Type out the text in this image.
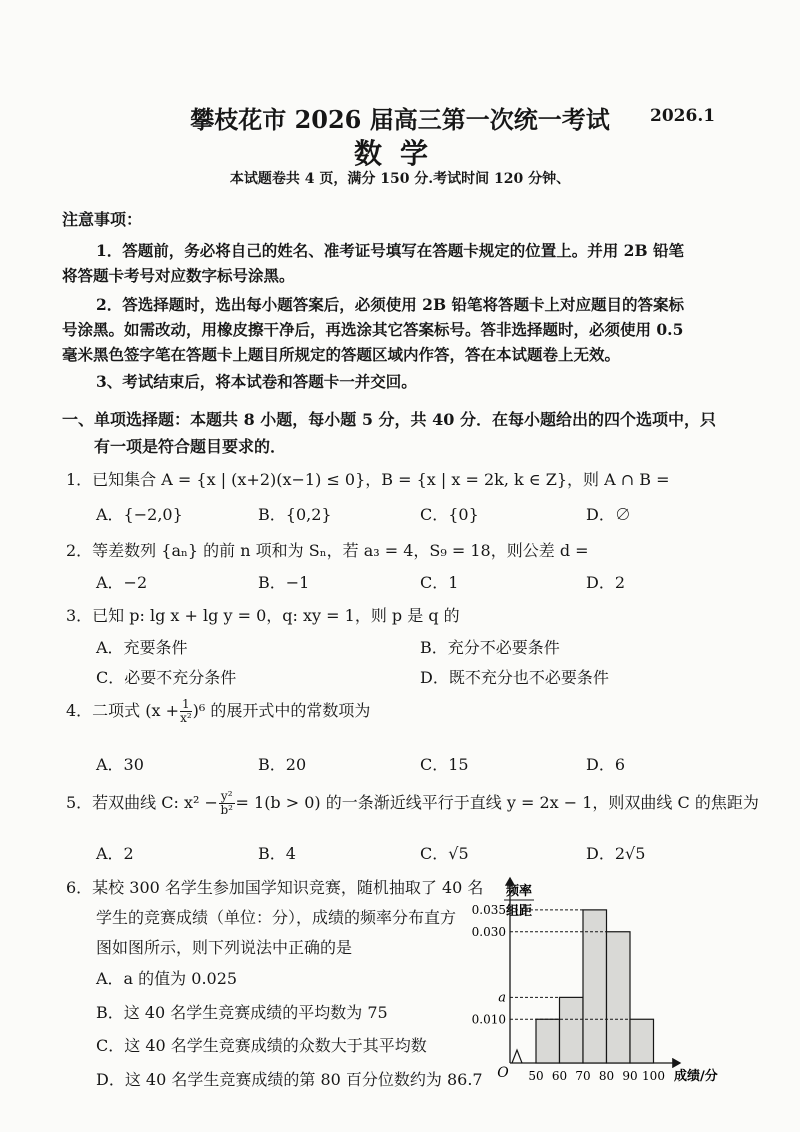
攀枝花市 2026 届高三第一次统一考试	2026.1
数学
本试题卷共 4 页，满分 150 分.考试时间 120 分钟、
注意事项：
1．答题前，务必将自己的姓名、准考证号填写在答题卡规定的位置上。并用 2B 铅笔
将答题卡考号对应数字标号涂黑。
2．答选择题时，选出每小题答案后，必须使用 2B 铅笔将答题卡上对应题目的答案标
号涂黑。如需改动，用橡皮擦干净后，再选涂其它答案标号。答非选择题时，必须使用 0.5
毫米黑色签字笔在答题卡上题目所规定的答题区域内作答，答在本试题卷上无效。
3、考试结束后，将本试卷和答题卡一并交回。
一、单项选择题：本题共 8 小题，每小题 5 分，共 40 分．在每小题给出的四个选项中，只
有一项是符合题目要求的．
1．已知集合 A = {x | (x+2)(x−1) ≤ 0}，B = {x | x = 2k, k ∈ Z}，则 A ∩ B =
A．{−2,0}	B．{0,2}	C．{0}	D．∅
2．等差数列 {aₙ} 的前 n 项和为 Sₙ，若 a₃ = 4，S₉ = 18，则公差 d =
A．−2	B．−1	C．1	D．2
3．已知 p: lg x + lg y = 0，q: xy = 1，则 p 是 q 的
A．充要条件	B．充分不必要条件
C．必要不充分条件	D．既不充分也不必要条件
4．二项式 $(x + \frac{1}{\text{x²}} )^6$ 的展开式中的常数项为
A．30	B．20	C．15	D．6
5．若双曲线 C: $x^2 - \frac{\text{y²}}{\text{b²}} = 1(b > 0)$ 的一条渐近线平行于直线 y = 2x − 1，则双曲线 C 的焦距为
A．2	B．4	C．√5	D．2√5
6．某校 300 名学生参加国学知识竞赛，随机抽取了 40 名
学生的竞赛成绩（单位：分），成绩的频率分布直方
图如图所示，则下列说法中正确的是
A．a 的值为 0.025
B．这 40 名学生竞赛成绩的平均数为 75
C．这 40 名学生竞赛成绩的众数大于其平均数
D．这 40 名学生竞赛成绩的第 80 百分位数约为 86.7
频率
组距
O	成绩/分
0.035
0.030
a
0.010
50 60 70 80 90 100
